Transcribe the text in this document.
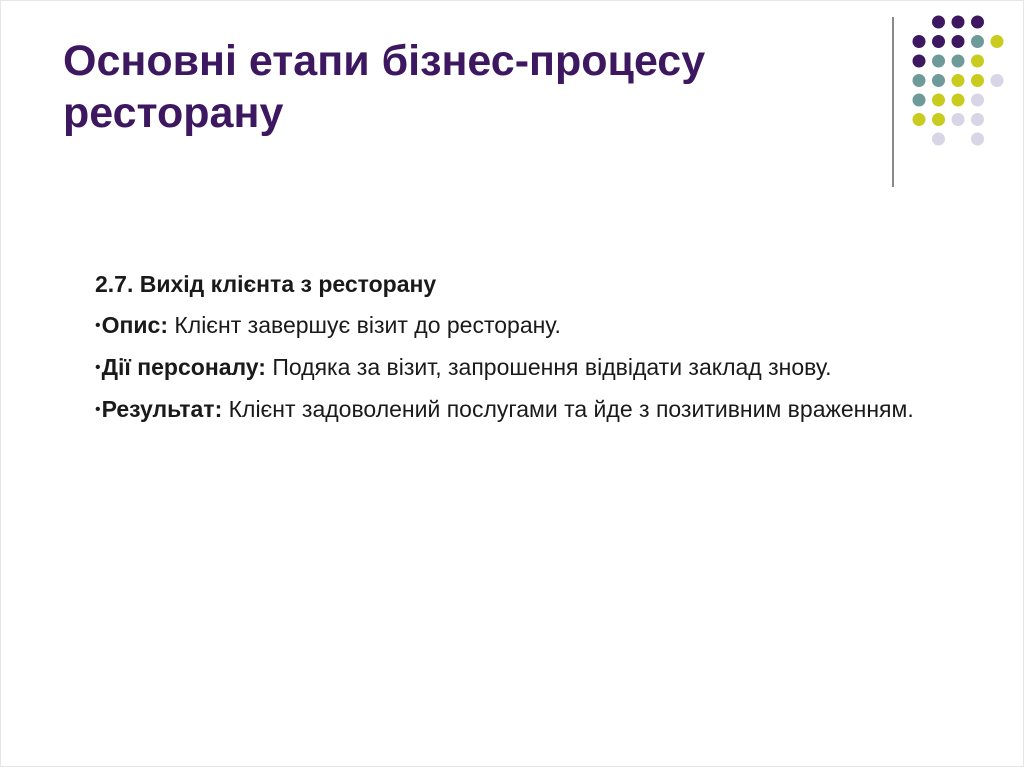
Основні етапи бізнес-процесу ресторану
2.7. Вихід клієнта з ресторану
•Опис: Клієнт завершує візит до ресторану.
•Дії персоналу: Подяка за візит, запрошення відвідати заклад знову.
•Результат: Клієнт задоволений послугами та йде з позитивним враженням.
